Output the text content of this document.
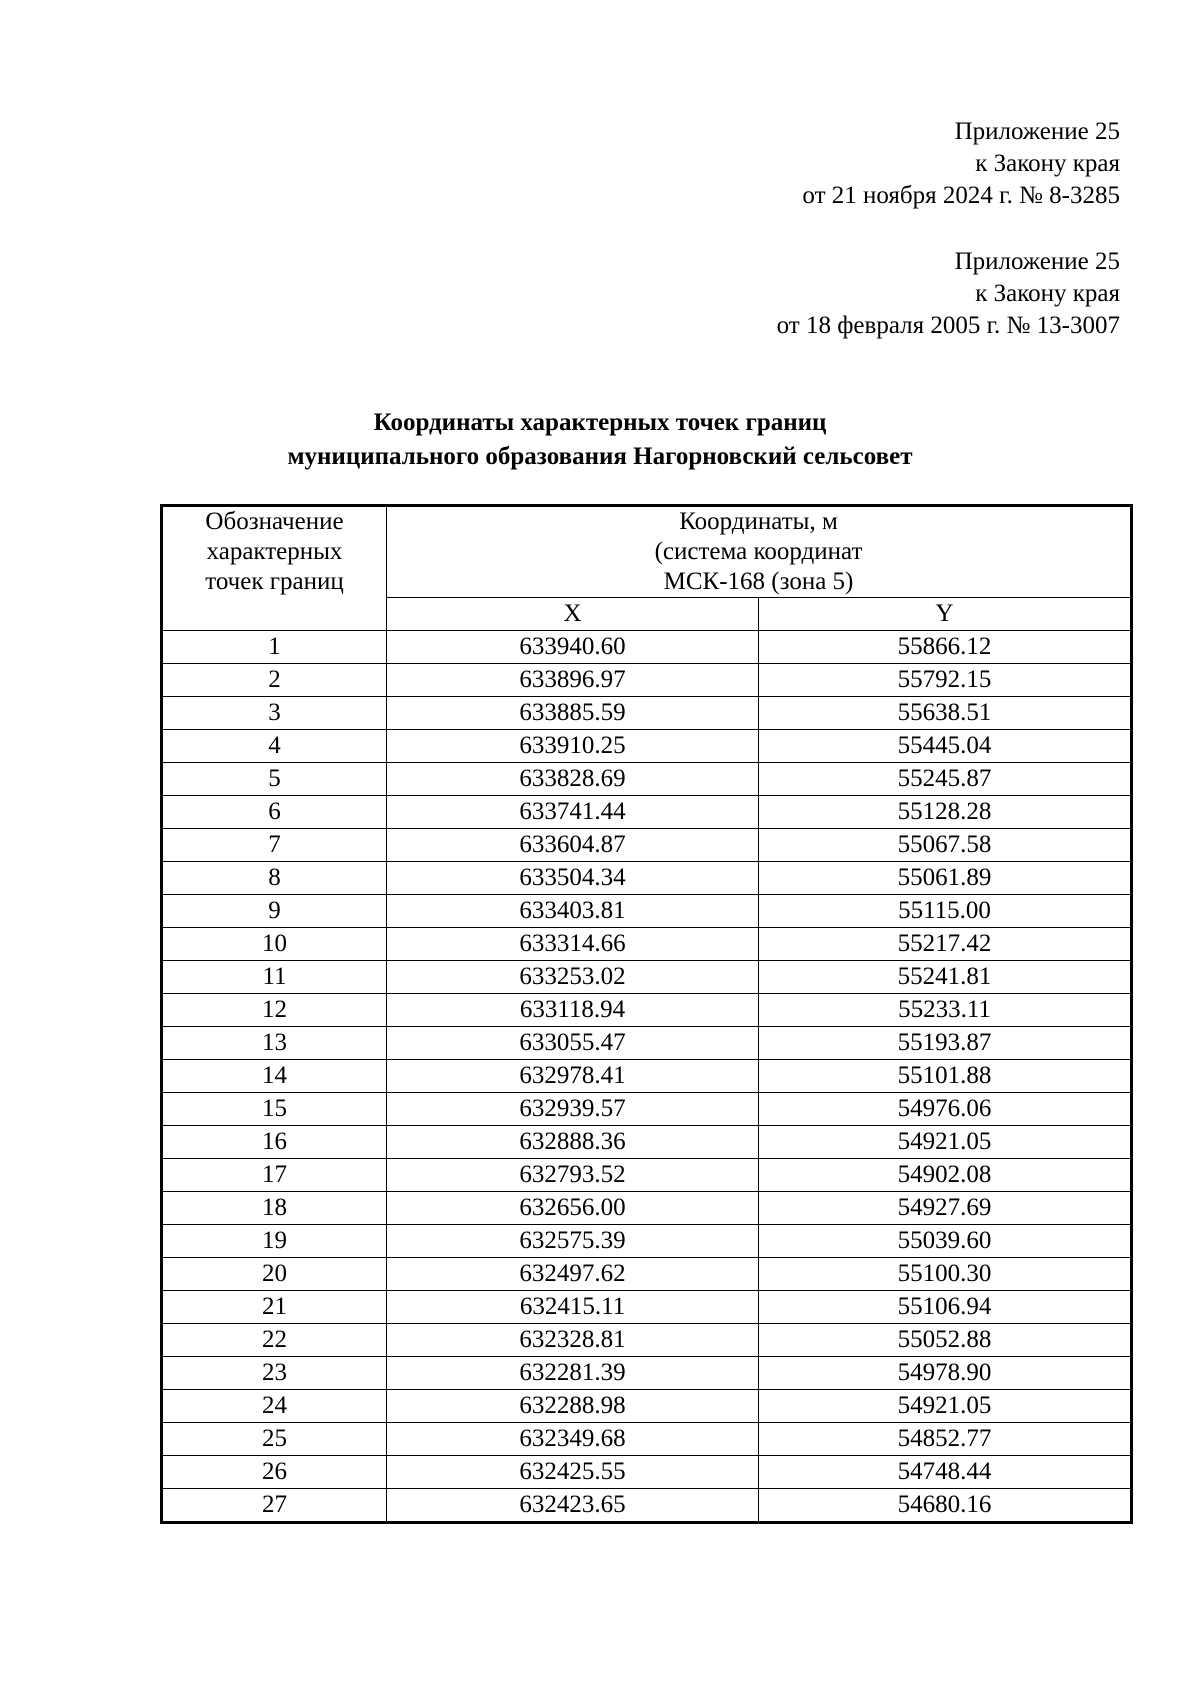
Приложение 25
к Закону края
от 21 ноября 2024 г. № 8-3285
Приложение 25
к Закону края
от 18 февраля 2005 г. № 13-3007
Координаты характерных точек границ
муниципального образования Нагорновский сельсовет
Обозначение
характерных
точек границ	Координаты, м
(система координат
МСК-168 (зона 5)	

	X	Y
1	633940.60	55866.12
2	633896.97	55792.15
3	633885.59	55638.51
4	633910.25	55445.04
5	633828.69	55245.87
6	633741.44	55128.28
7	633604.87	55067.58
8	633504.34	55061.89
9	633403.81	55115.00
10	633314.66	55217.42
11	633253.02	55241.81
12	633118.94	55233.11
13	633055.47	55193.87
14	632978.41	55101.88
15	632939.57	54976.06
16	632888.36	54921.05
17	632793.52	54902.08
18	632656.00	54927.69
19	632575.39	55039.60
20	632497.62	55100.30
21	632415.11	55106.94
22	632328.81	55052.88
23	632281.39	54978.90
24	632288.98	54921.05
25	632349.68	54852.77
26	632425.55	54748.44
27	632423.65	54680.16
